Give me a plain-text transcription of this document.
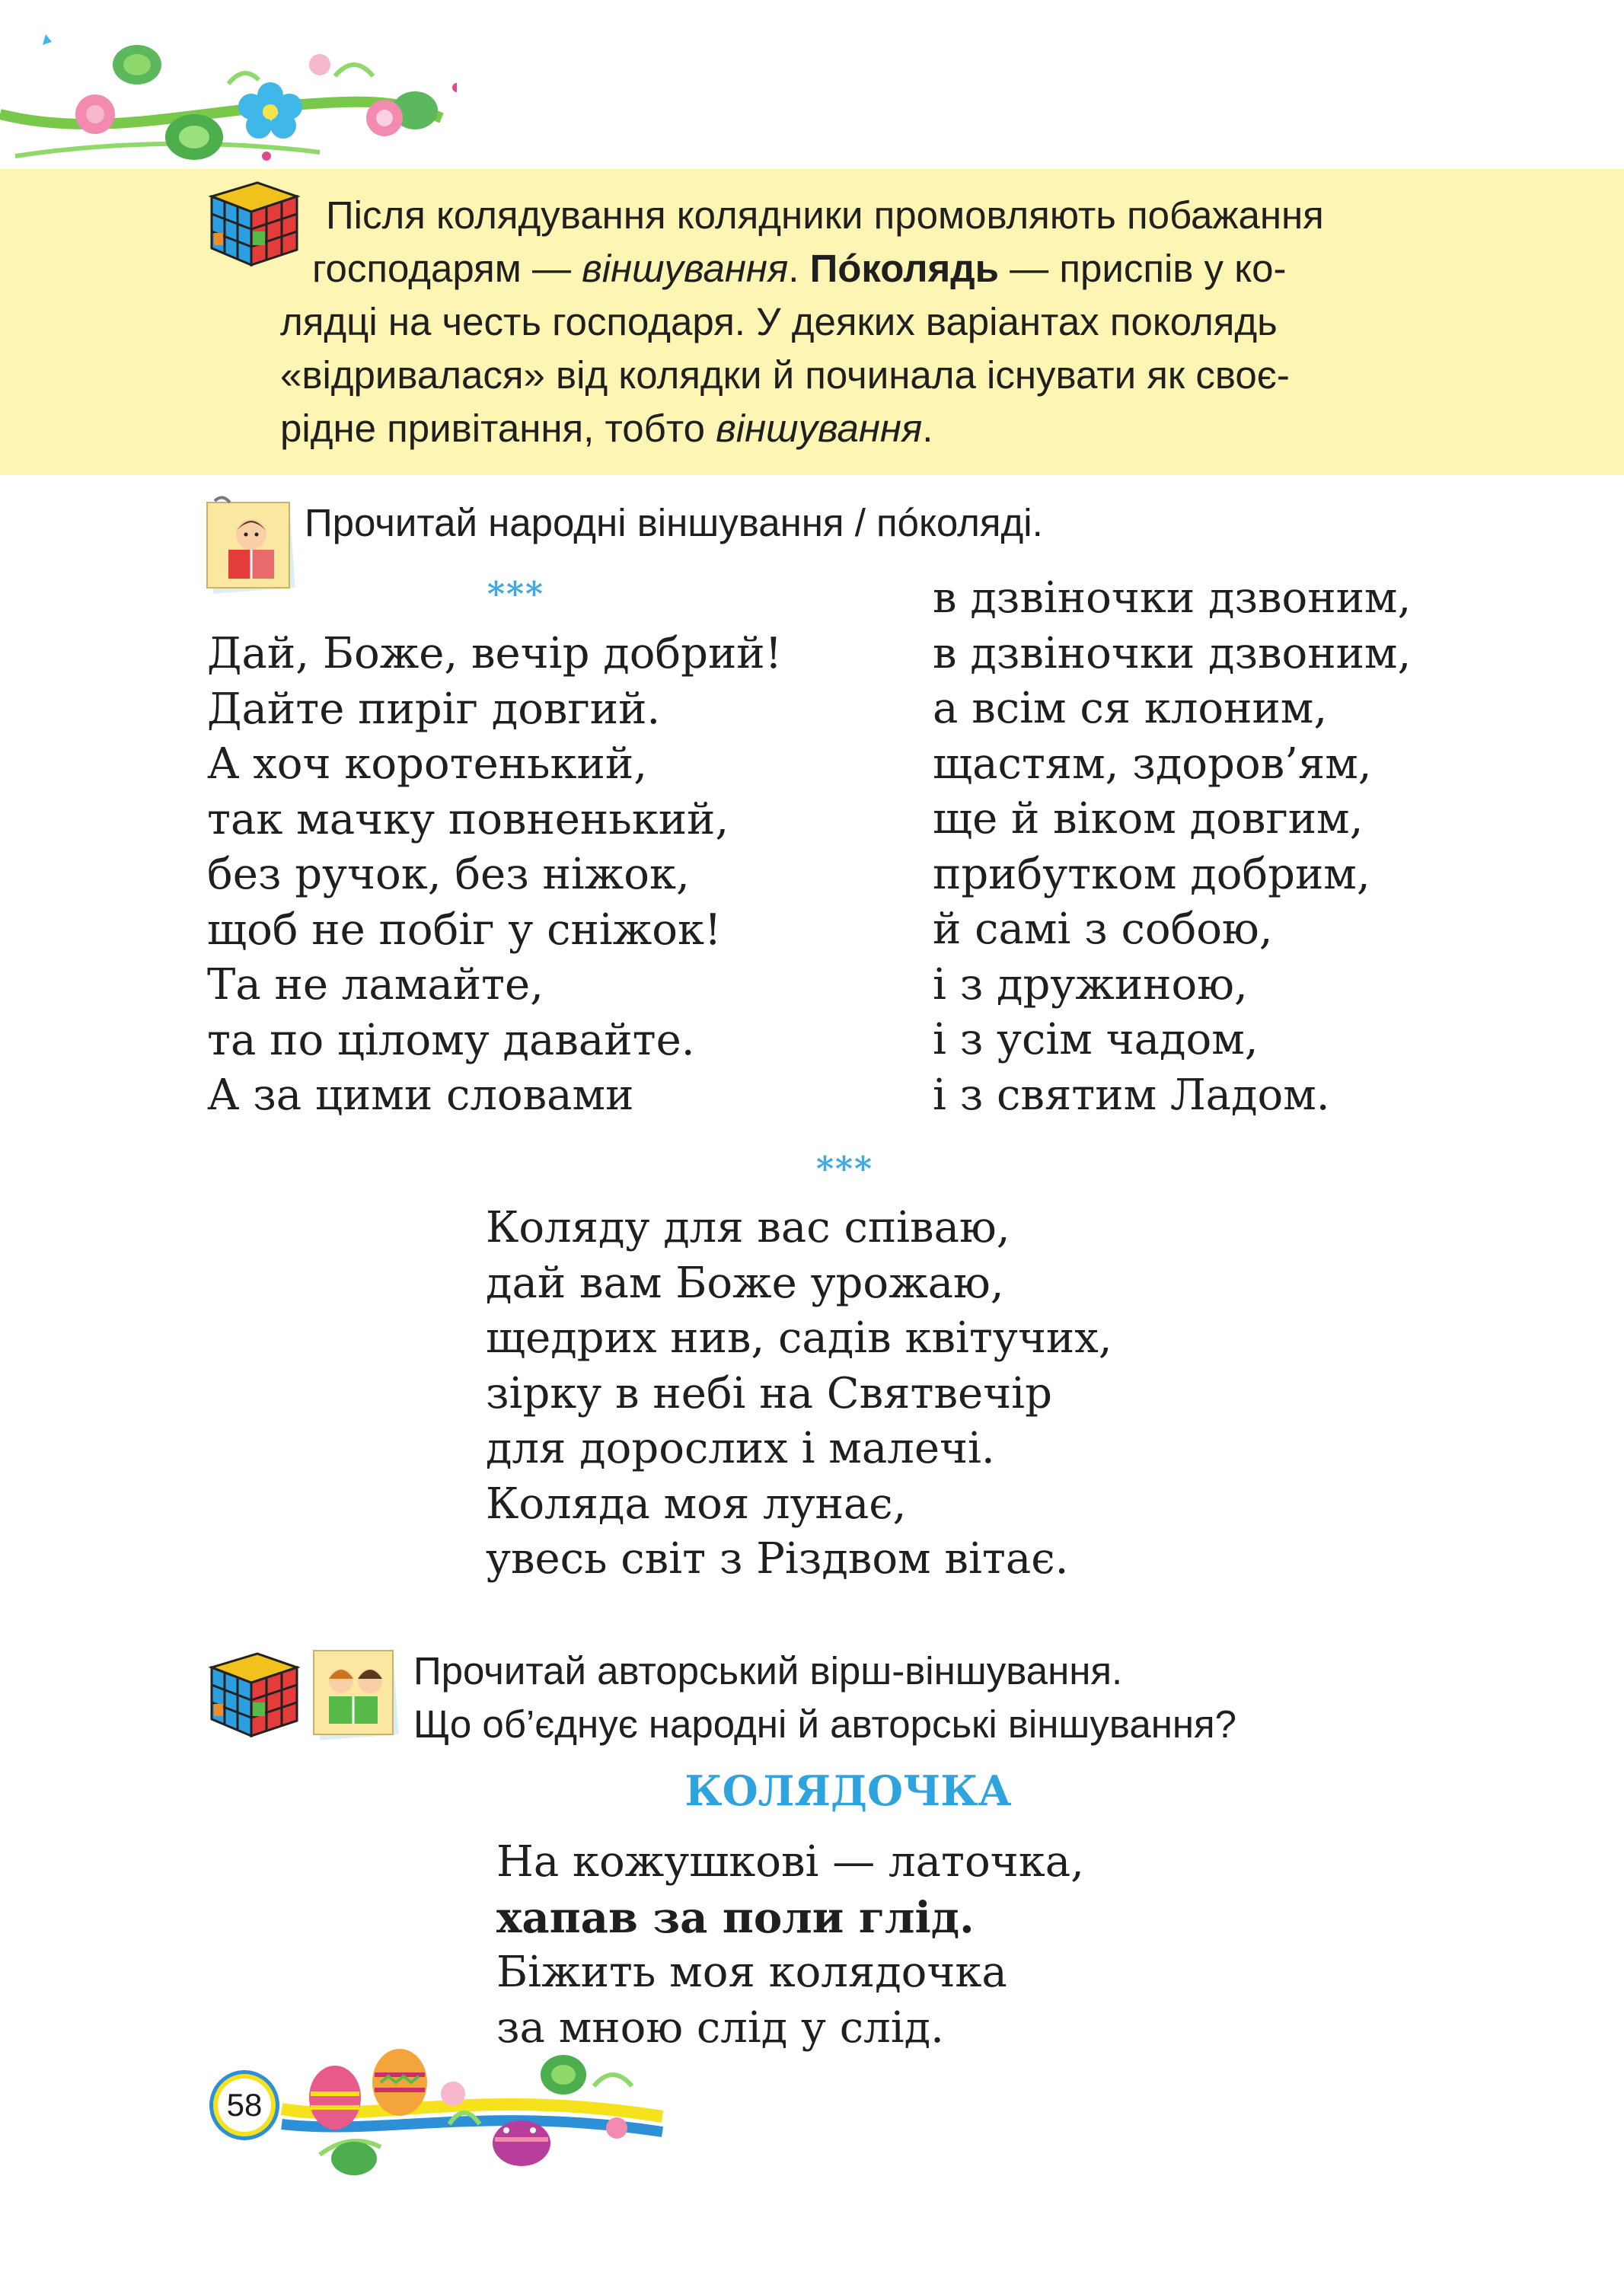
Після колядування колядники промовляють побажання
господарям — віншування. Пóколядь — приспів у ко-
лядці на честь господаря. У деяких варіантах поколядь
«відривалася» від колядки й починала існувати як своє-
рідне привітання, тобто віншування.
Прочитай народні віншування / пóколяді.
***
Дай, Боже, вечір добрий!
Дайте пиріг довгий.
А хоч коротенький,
так мачку повненький,
без ручок, без ніжок,
щоб не побіг у сніжок!
Та не ламайте,
та по цілому давайте.
А за цими словами
в дзвіночки дзвоним,
в дзвіночки дзвоним,
а всім ся клоним,
щастям, здоров’ям,
ще й віком довгим,
прибутком добрим,
й самі з собою,
і з дружиною,
і з усім чадом,
і з святим Ладом.
***
Коляду для вас співаю,
дай вам Боже урожаю,
щедрих нив, садів квітучих,
зірку в небі на Святвечір
для дорослих і малечі.
Коляда моя лунає,
увесь світ з Різдвом вітає.
Прочитай авторський вірш-віншування.
Що об’єднує народні й авторські віншування?
КОЛЯДОЧКА
На кожушкові — латочка,
хапав за поли глід.
Біжить моя колядочка
за мною слід у слід.
58
